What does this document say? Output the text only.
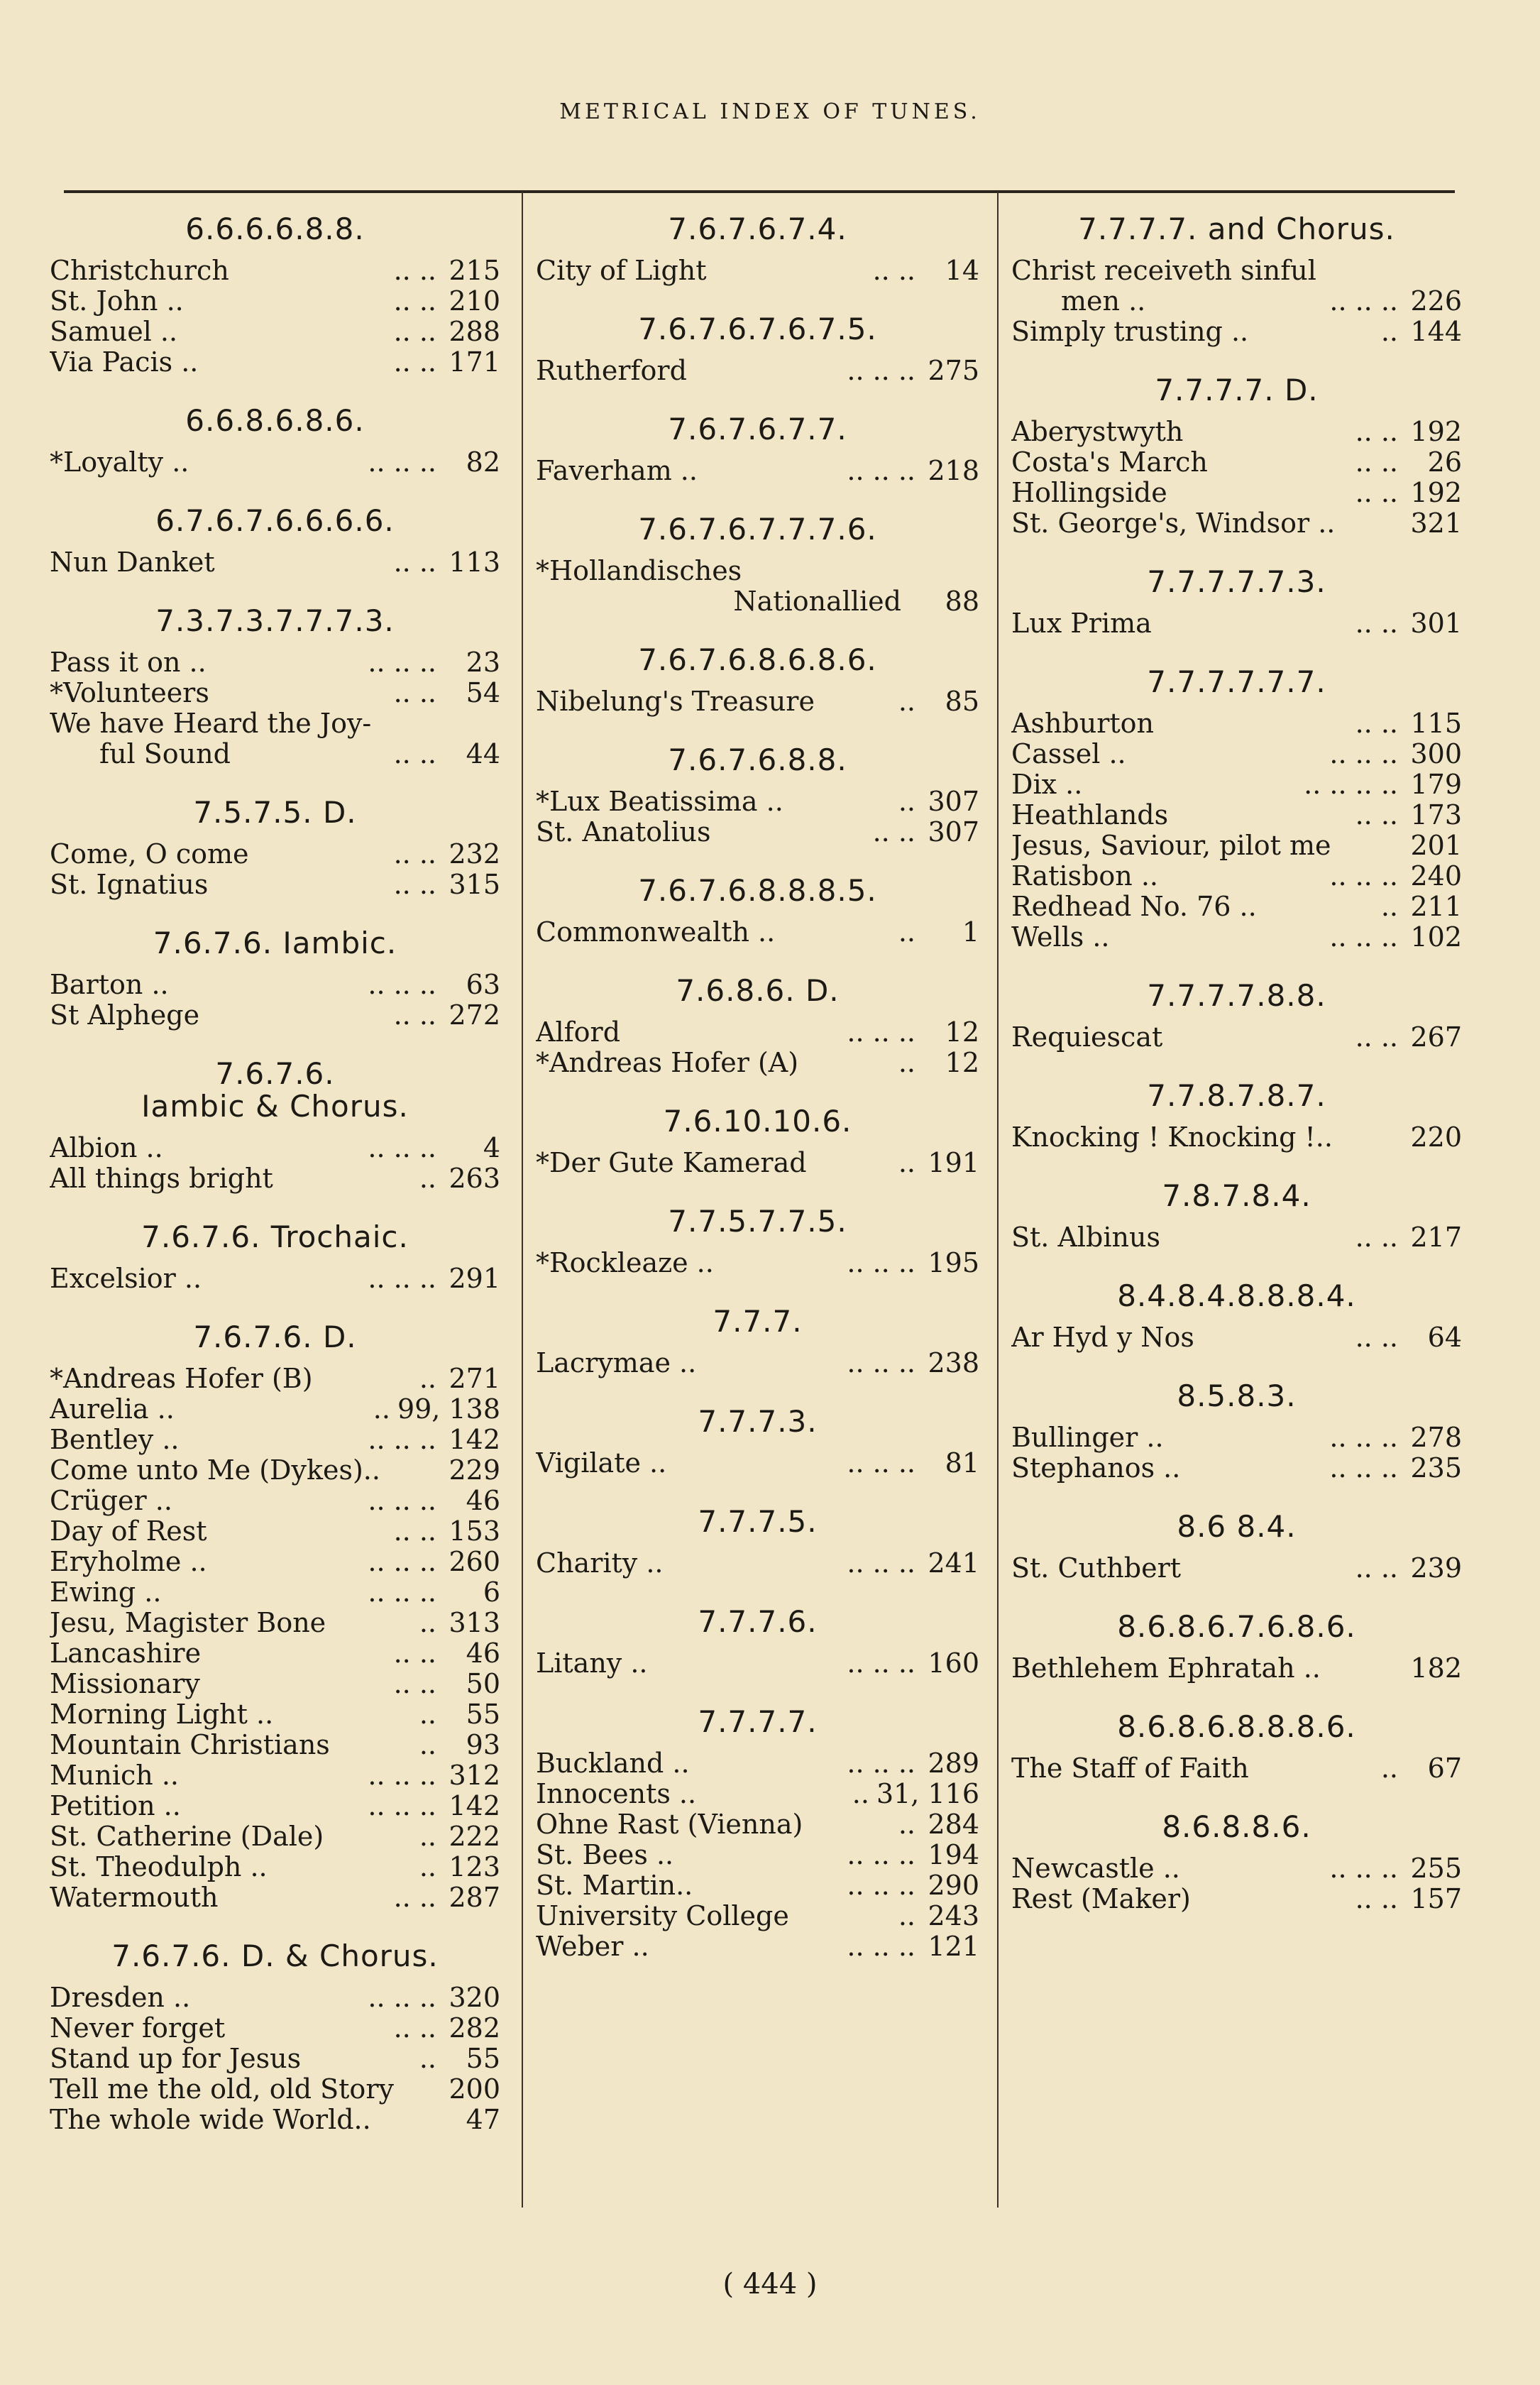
METRICAL INDEX OF TUNES.
6.6.6.6.8.8.
Christchurch	.. .. 215
St. John ..	.. .. 210
Samuel ..	.. .. 288
Via Pacis ..	.. .. 171
6.6.8.6.8.6.
*Loyalty ..	.. .. ..	82
6.7.6.7.6.6.6.6.
Nun Danket	.. .. 113
7.3.7.3.7.7.7.3.
Pass it on ..	.. .. ..	23
*Volunteers	.. ..	54
We have Heard the Joy-
ful Sound	.. ..	44
7.5.7.5. D.
Come, O come	.. .. 232
St. Ignatius	.. .. 315
7.6.7.6. Iambic.
Barton ..	.. .. ..	63
St Alphege	.. .. 272
7.6.7.6.
Iambic & Chorus.
Albion ..	.. .. ..	4
All things bright	.. 263
7.6.7.6. Trochaic.
Excelsior ..	.. .. .. 291
7.6.7.6. D.
*Andreas Hofer (B)	.. 271
Aurelia ..	.. 99, 138
Bentley ..	.. .. .. 142
Come unto Me (Dykes)..	229
Crüger ..	.. .. ..	46
Day of Rest	.. .. 153
Eryholme ..	.. .. .. 260
Ewing ..	.. .. ..	6
Jesu, Magister Bone	.. 313
Lancashire	.. ..	46
Missionary	.. ..	50
Morning Light ..	..	55
Mountain Christians	..	93
Munich ..	.. .. .. 312
Petition ..	.. .. .. 142
St. Catherine (Dale)	.. 222
St. Theodulph ..	.. 123
Watermouth	.. .. 287
7.6.7.6. D. & Chorus.
Dresden ..	.. .. .. 320
Never forget	.. .. 282
Stand up for Jesus	..	55
Tell me the old, old Story	200
The whole wide World..	47
7.6.7.6.7.4.
City of Light	.. ..	14
7.6.7.6.7.6.7.5.
Rutherford	.. .. .. 275
7.6.7.6.7.7.
Faverham ..	.. .. .. 218
7.6.7.6.7.7.7.6.
*Hollandisches
Nationallied	88
7.6.7.6.8.6.8.6.
Nibelung's Treasure	..	85
7.6.7.6.8.8.
*Lux Beatissima ..	.. 307
St. Anatolius	.. .. 307
7.6.7.6.8.8.8.5.
Commonwealth ..	..	1
7.6.8.6. D.
Alford	.. .. ..	12
*Andreas Hofer (A)	..	12
7.6.10.10.6.
*Der Gute Kamerad	.. 191
7.7.5.7.7.5.
*Rockleaze ..	.. .. .. 195
7.7.7.
Lacrymae ..	.. .. .. 238
7.7.7.3.
Vigilate ..	.. .. ..	81
7.7.7.5.
Charity ..	.. .. .. 241
7.7.7.6.
Litany ..	.. .. .. 160
7.7.7.7.
Buckland ..	.. .. .. 289
Innocents ..	.. 31, 116
Ohne Rast (Vienna)	.. 284
St. Bees ..	.. .. .. 194
St. Martin..	.. .. .. 290
University College	.. 243
Weber ..	.. .. .. 121
7.7.7.7. and Chorus.
Christ receiveth sinful
men ..	.. .. .. 226
Simply trusting ..	.. 144
7.7.7.7. D.
Aberystwyth	.. .. 192
Costa's March	.. ..	26
Hollingside	.. .. 192
St. George's, Windsor ..	321
7.7.7.7.7.3.
Lux Prima	.. .. 301
7.7.7.7.7.7.
Ashburton	.. .. 115
Cassel ..	.. .. .. 300
Dix ..	.. .. .. .. 179
Heathlands	.. .. 173
Jesus, Saviour, pilot me	201
Ratisbon ..	.. .. .. 240
Redhead No. 76 ..	.. 211
Wells ..	.. .. .. 102
7.7.7.7.8.8.
Requiescat	.. .. 267
7.7.8.7.8.7.
Knocking ! Knocking !..	220
7.8.7.8.4.
St. Albinus	.. .. 217
8.4.8.4.8.8.8.4.
Ar Hyd y Nos	.. ..	64
8.5.8.3.
Bullinger ..	.. .. .. 278
Stephanos ..	.. .. .. 235
8.6 8.4.
St. Cuthbert	.. .. 239
8.6.8.6.7.6.8.6.
Bethlehem Ephratah ..	182
8.6.8.6.8.8.8.6.
The Staff of Faith	..	67
8.6.8.8.6.
Newcastle ..	.. .. .. 255
Rest (Maker)	.. .. 157
( 444 )
